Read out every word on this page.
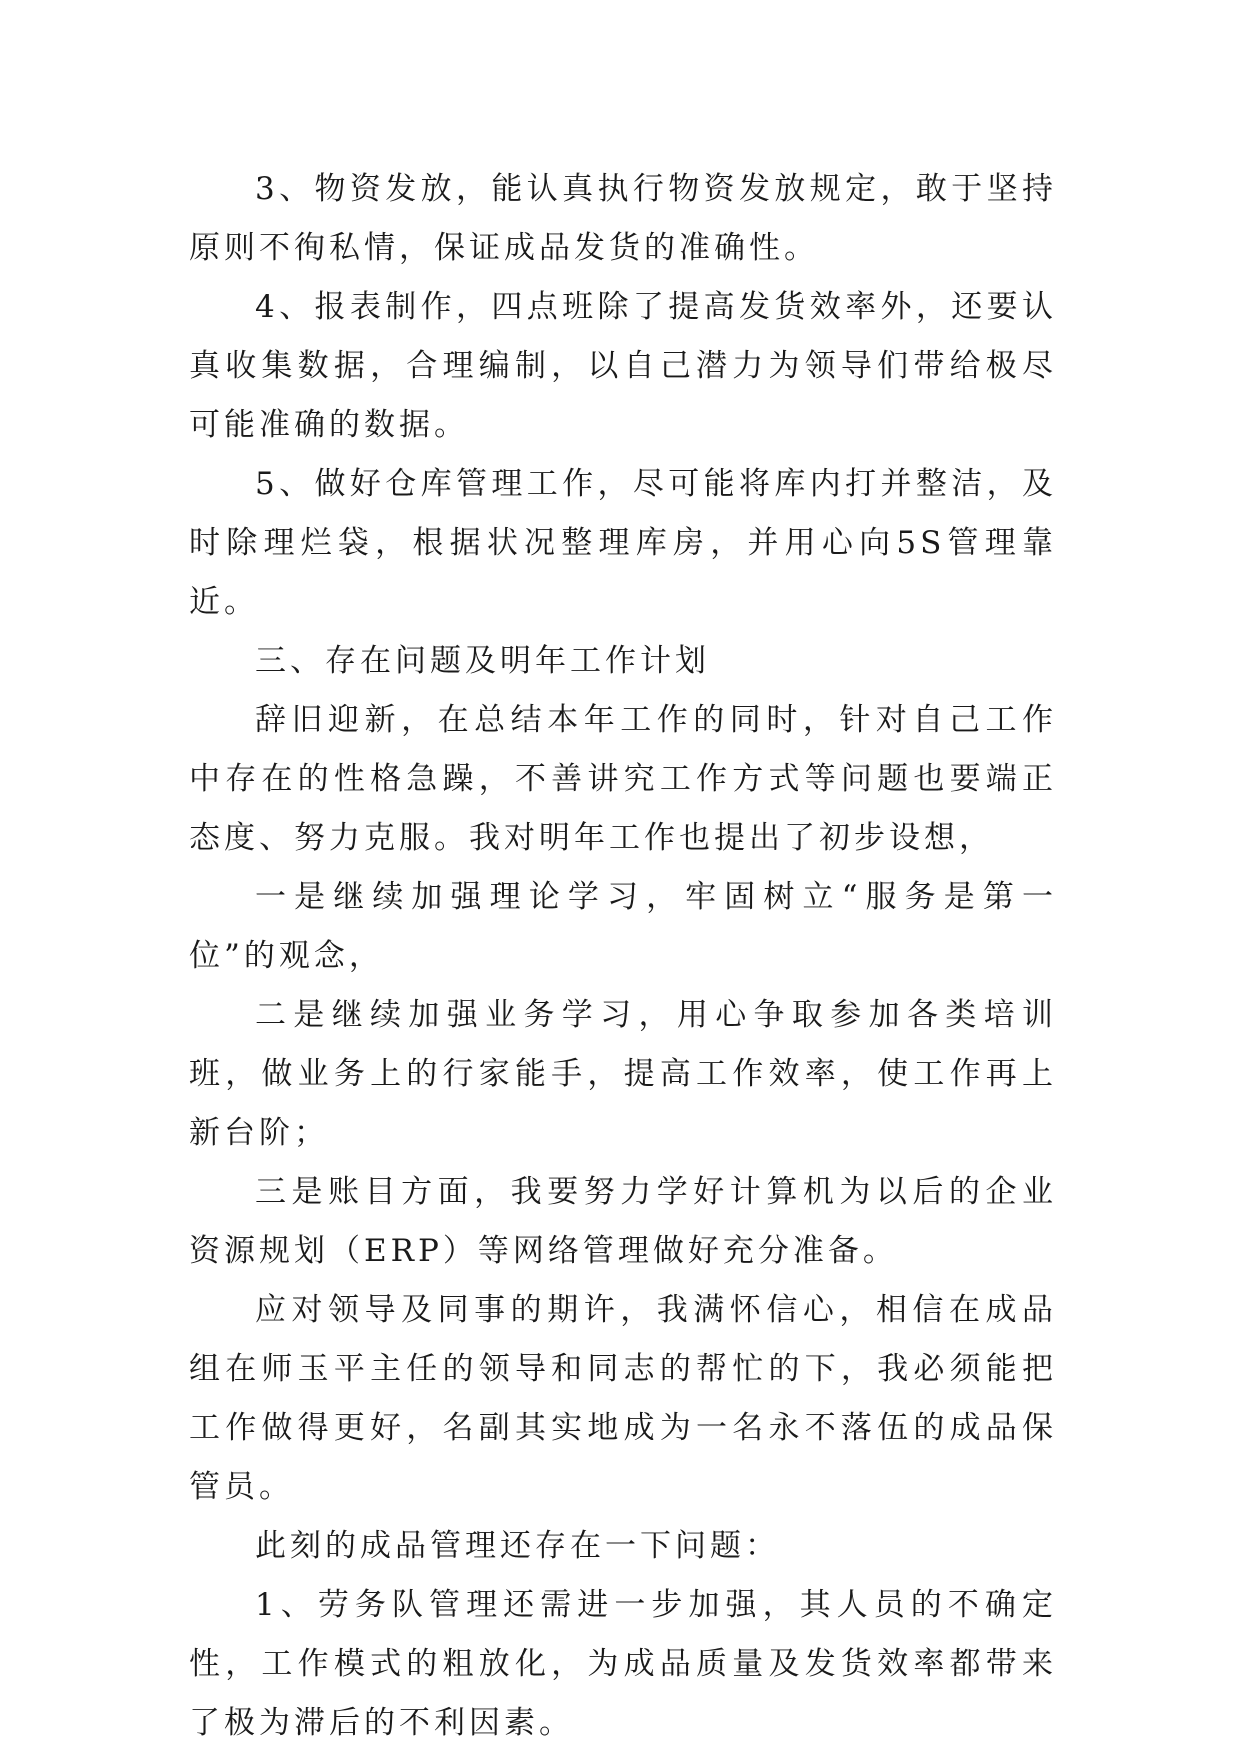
3、物资发放，能认真执行物资发放规定，敢于坚持原则不徇私情，保证成品发货的准确性。

4、报表制作，四点班除了提高发货效率外，还要认真收集数据，合理编制，以自己潜力为领导们带给极尽可能准确的数据。

5、做好仓库管理工作，尽可能将库内打并整洁，及时除理烂袋，根据状况整理库房，并用心向5S管理靠近。

三、存在问题及明年工作计划

辞旧迎新，在总结本年工作的同时，针对自己工作中存在的性格急躁，不善讲究工作方式等问题也要端正态度、努力克服。我对明年工作也提出了初步设想，

一是继续加强理论学习，牢固树立“服务是第一位”的观念，

二是继续加强业务学习，用心争取参加各类培训班，做业务上的行家能手，提高工作效率，使工作再上新台阶；

三是账目方面，我要努力学好计算机为以后的企业资源规划（ERP）等网络管理做好充分准备。

应对领导及同事的期许，我满怀信心，相信在成品组在师玉平主任的领导和同志的帮忙的下，我必须能把工作做得更好，名副其实地成为一名永不落伍的成品保管员。

此刻的成品管理还存在一下问题：

1、劳务队管理还需进一步加强，其人员的不确定性，工作模式的粗放化，为成品质量及发货效率都带来了极为滞后的不利因素。
